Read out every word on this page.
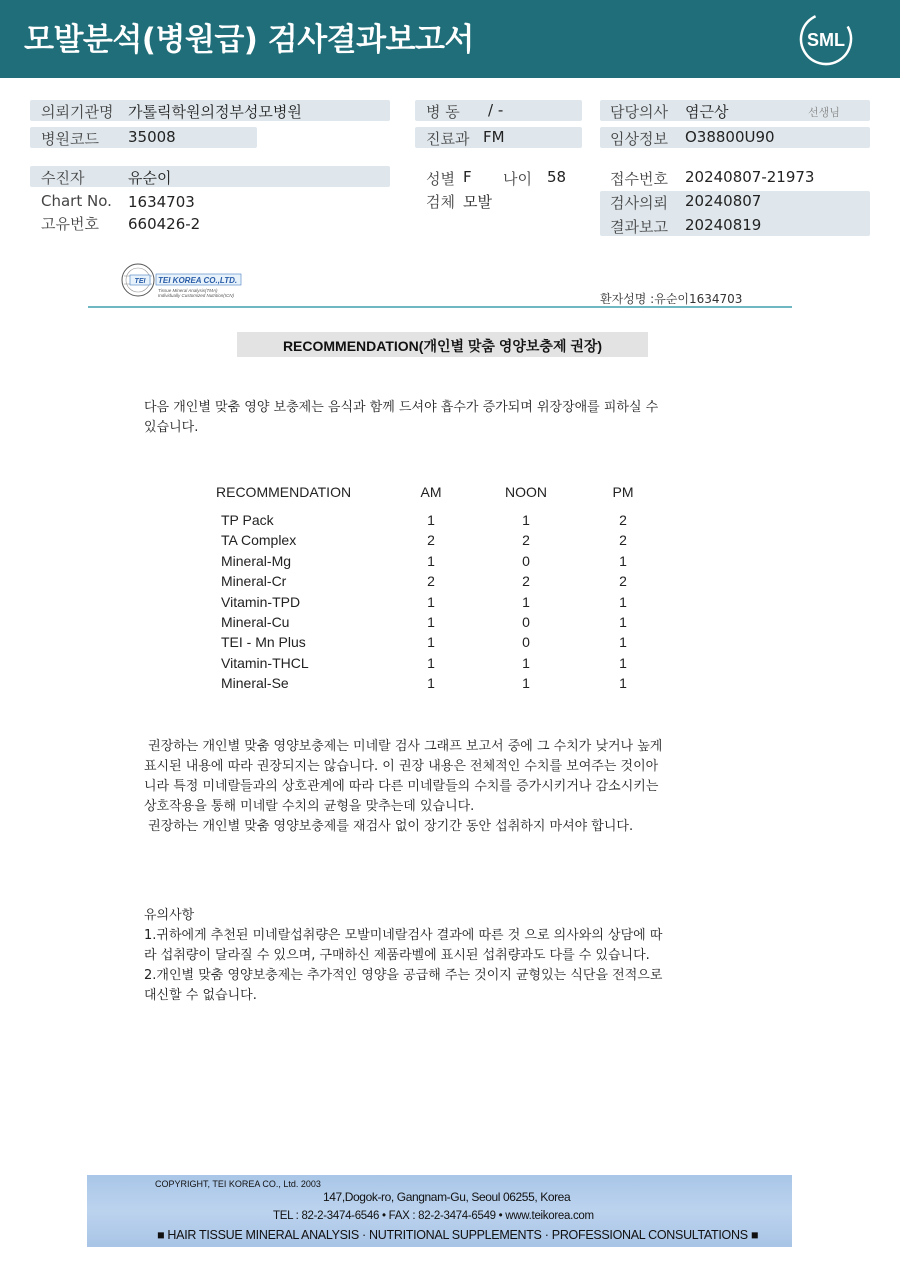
모발분석(병원급) 검사결과보고서	SML
의뢰기관명 가톨릭학원의정부성모병원	병 동 / -	담당의사 염근상	선생님
병원코드 35008	진료과 FM	임상정보 O38800U90
수진자	유순이	성별 F 나이 58	접수번호 20240807-21973
Chart No. 1634703	검체 모발	검사의뢰 20240807
고유번호 660426-2	결과보고 20240819
TEI TEI KOREA CO.,LTD.
Tissue Mineral Analysis(TMA)
Individually Customized Nutrition(ICN)	환자성명 :유순이1634703
RECOMMENDATION(개인별 맞춤 영양보충제 권장)
다음 개인별 맞춤 영양 보충제는 음식과 함께 드셔야 흡수가 증가되며 위장장애를 피하실 수
있습니다.
RECOMMENDATION	AM	NOON	PM
TP Pack	1	1	2
TA Complex	2	2	2
Mineral-Mg	1	0	1
Mineral-Cr	2	2	2
Vitamin-TPD	1	1	1
Mineral-Cu	1	0	1
TEI - Mn Plus	1	0	1
Vitamin-THCL	1	1	1
Mineral-Se	1	1	1
권장하는 개인별 맞춤 영양보충제는 미네랄 검사 그래프 보고서 중에 그 수치가 낮거나 높게
표시된 내용에 따라 권장되지는 않습니다. 이 권장 내용은 전체적인 수치를 보여주는 것이아
니라 특정 미네랄들과의 상호관계에 따라 다른 미네랄들의 수치를 증가시키거나 감소시키는
상호작용을 통해 미네랄 수치의 균형을 맞추는데 있습니다.
권장하는 개인별 맞춤 영양보충제를 재검사 없이 장기간 동안 섭취하지 마셔야 합니다.
유의사항
1.귀하에게 추천된 미네랄섭취량은 모발미네랄검사 결과에 따른 것 으로 의사와의 상담에 따
라 섭취량이 달라질 수 있으며, 구매하신 제품라벨에 표시된 섭취량과도 다를 수 있습니다.
2.개인별 맞춤 영양보충제는 추가적인 영양을 공급해 주는 것이지 균형있는 식단을 전적으로
대신할 수 없습니다.
COPYRIGHT, TEI KOREA CO., Ltd. 2003
147,Dogok-ro, Gangnam-Gu, Seoul 06255, Korea
TEL : 82-2-3474-6546 • FAX : 82-2-3474-6549 • www.teikorea.com
■ HAIR TISSUE MINERAL ANALYSIS · NUTRITIONAL SUPPLEMENTS · PROFESSIONAL CONSULTATIONS ■
